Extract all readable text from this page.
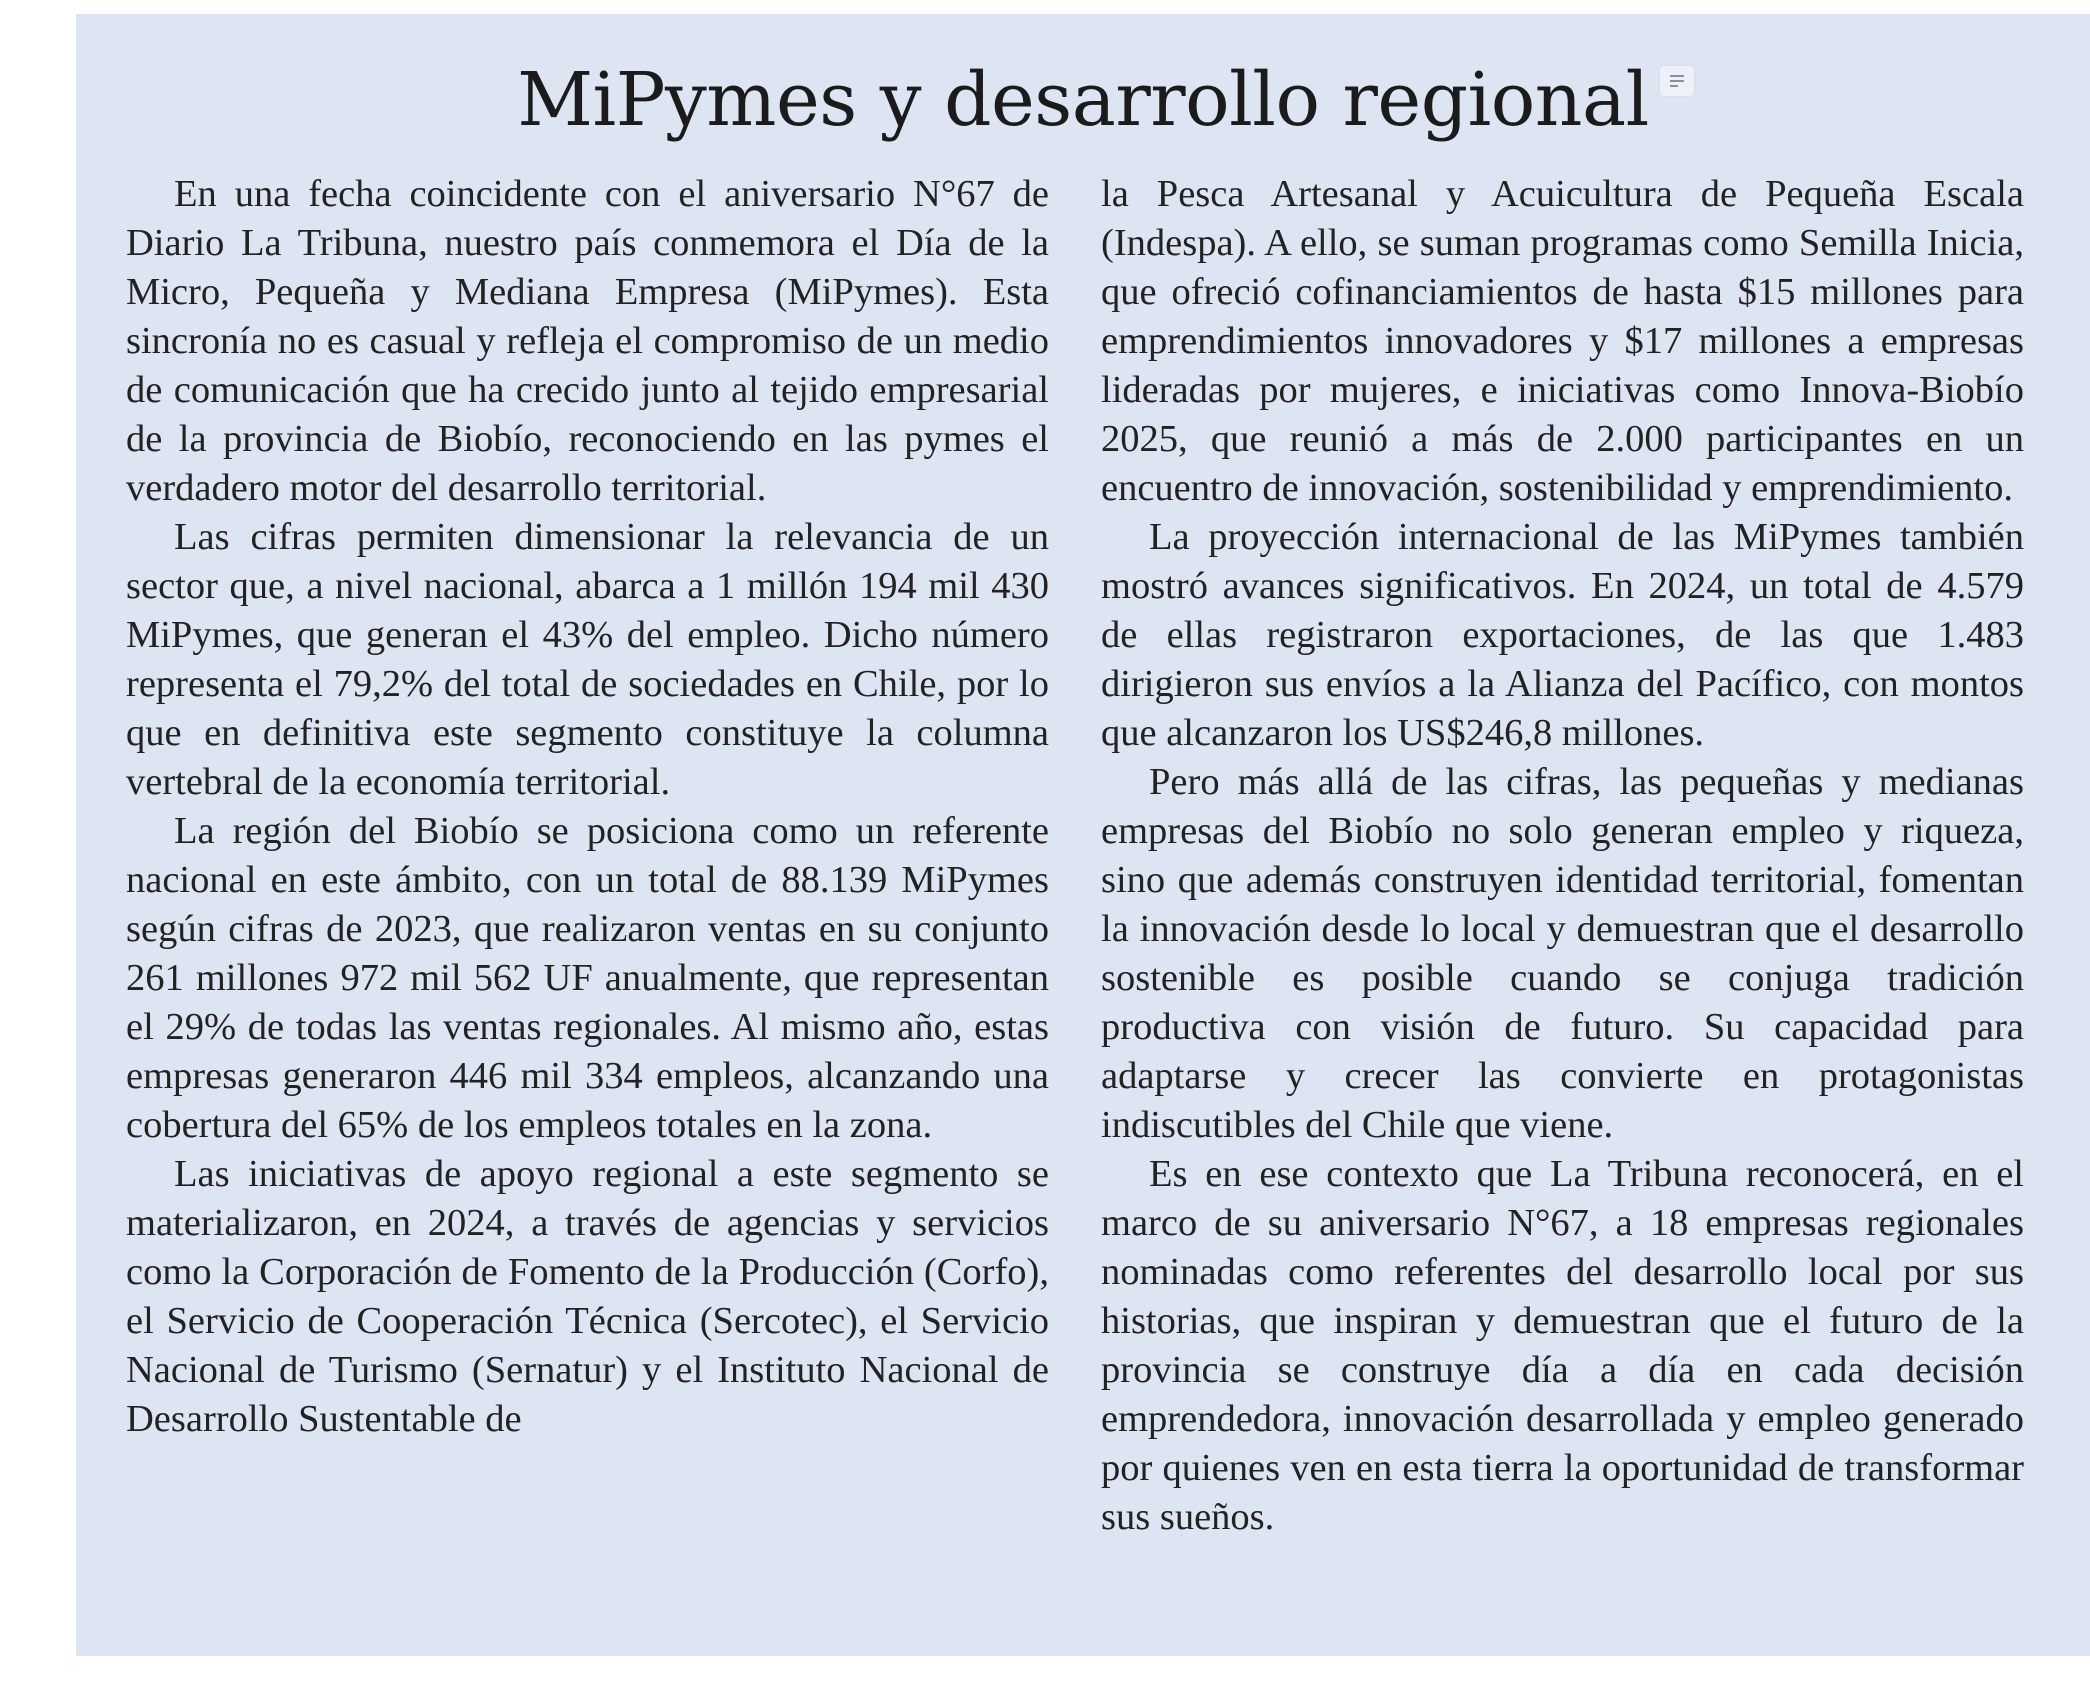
MiPymes y desarrollo regional

En una fecha coincidente con el aniversario N°67 de Diario La Tribuna, nuestro país conmemora el Día de la Micro, Pequeña y Mediana Empresa (MiPymes). Esta sincronía no es casual y refleja el compromiso de un medio de comunicación que ha crecido junto al tejido empresarial de la provincia de Biobío, reconociendo en las pymes el verdadero motor del desarrollo territorial.

Las cifras permiten dimensionar la relevancia de un sector que, a nivel nacional, abarca a 1 millón 194 mil 430 MiPymes, que generan el 43% del empleo. Dicho número representa el 79,2% del total de sociedades en Chile, por lo que en definitiva este segmento constituye la columna vertebral de la economía territorial.

La región del Biobío se posiciona como un referente nacional en este ámbito, con un total de 88.139 MiPymes según cifras de 2023, que realizaron ventas en su conjunto 261 millones 972 mil 562 UF anualmente, que representan el 29% de todas las ventas regionales. Al mismo año, estas empresas generaron 446 mil 334 empleos, alcanzando una cobertura del 65% de los empleos totales en la zona.

Las iniciativas de apoyo regional a este segmento se materializaron, en 2024, a través de agencias y servicios como la Corporación de Fomento de la Producción (Corfo), el Servicio de Cooperación Técnica (Sercotec), el Servicio Nacional de Turismo (Sernatur) y el Instituto Nacional de Desarrollo Sustentable de

la Pesca Artesanal y Acuicultura de Pequeña Escala (Indespa). A ello, se suman programas como Semilla Inicia, que ofreció cofinanciamientos de hasta $15 millones para emprendimientos innovadores y $17 millones a empresas lideradas por mujeres, e iniciativas como Innova-Biobío 2025, que reunió a más de 2.000 participantes en un encuentro de innovación, sostenibilidad y emprendimiento.

La proyección internacional de las MiPymes también mostró avances significativos. En 2024, un total de 4.579 de ellas registraron exportaciones, de las que 1.483 dirigieron sus envíos a la Alianza del Pacífico, con montos que alcanzaron los US$246,8 millones.

Pero más allá de las cifras, las pequeñas y medianas empresas del Biobío no solo generan empleo y riqueza, sino que además construyen identidad territorial, fomentan la innovación desde lo local y demuestran que el desarrollo sostenible es posible cuando se conjuga tradición productiva con visión de futuro. Su capacidad para adaptarse y crecer las convierte en protagonistas indiscutibles del Chile que viene.

Es en ese contexto que La Tribuna reconocerá, en el marco de su aniversario N°67, a 18 empresas regionales nominadas como referentes del desarrollo local por sus historias, que inspiran y demuestran que el futuro de la provincia se construye día a día en cada decisión emprendedora, innovación desarrollada y empleo generado por quienes ven en esta tierra la oportunidad de transformar sus sueños.
